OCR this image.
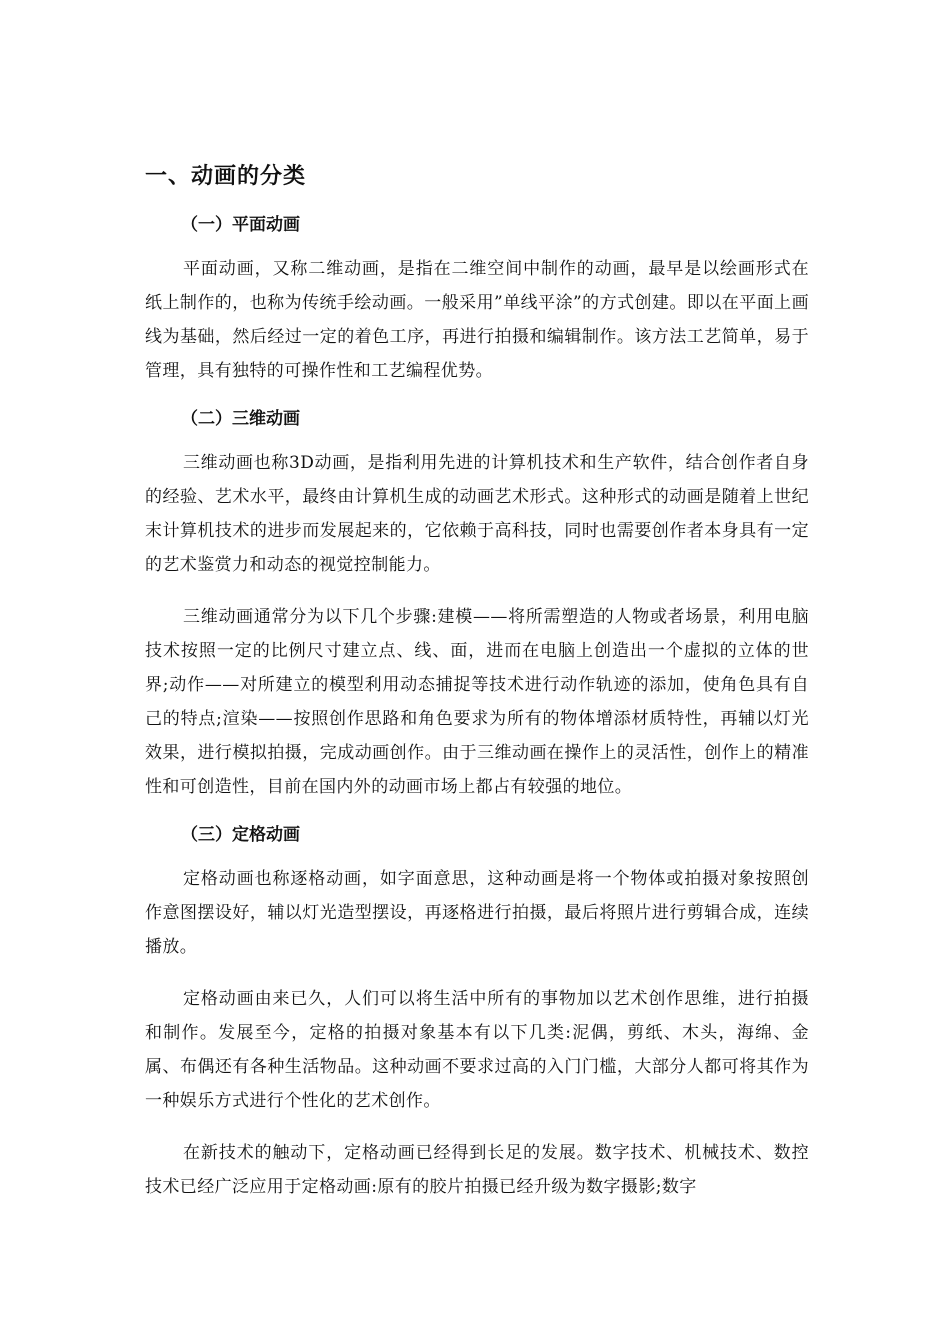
一、动画的分类
（一）平面动画

平面动画，又称二维动画，是指在二维空间中制作的动画，最早是以绘画形式在纸上制作的，也称为传统手绘动画。一般采用”单线平涂”的方式创建。即以在平面上画线为基础，然后经过一定的着色工序，再进行拍摄和编辑制作。该方法工艺简单，易于管理，具有独特的可操作性和工艺编程优势。

（二）三维动画

三维动画也称3D动画，是指利用先进的计算机技术和生产软件，结合创作者自身的经验、艺术水平，最终由计算机生成的动画艺术形式。这种形式的动画是随着上世纪末计算机技术的进步而发展起来的，它依赖于高科技，同时也需要创作者本身具有一定的艺术鉴赏力和动态的视觉控制能力。

三维动画通常分为以下几个步骤:建模——将所需塑造的人物或者场景，利用电脑技术按照一定的比例尺寸建立点、线、面，进而在电脑上创造出一个虚拟的立体的世界;动作——对所建立的模型利用动态捕捉等技术进行动作轨迹的添加，使角色具有自己的特点;渲染——按照创作思路和角色要求为所有的物体增添材质特性，再辅以灯光效果，进行模拟拍摄，完成动画创作。由于三维动画在操作上的灵活性，创作上的精准性和可创造性，目前在国内外的动画市场上都占有较强的地位。

（三）定格动画

定格动画也称逐格动画，如字面意思，这种动画是将一个物体或拍摄对象按照创作意图摆设好，辅以灯光造型摆设，再逐格进行拍摄，最后将照片进行剪辑合成，连续播放。

定格动画由来已久，人们可以将生活中所有的事物加以艺术创作思维，进行拍摄和制作。发展至今，定格的拍摄对象基本有以下几类:泥偶，剪纸、木头，海绵、金属、布偶还有各种生活物品。这种动画不要求过高的入门门槛，大部分人都可将其作为一种娱乐方式进行个性化的艺术创作。

在新技术的触动下，定格动画已经得到长足的发展。数字技术、机械技术、数控技术已经广泛应用于定格动画:原有的胶片拍摄已经升级为数字摄影;数字
